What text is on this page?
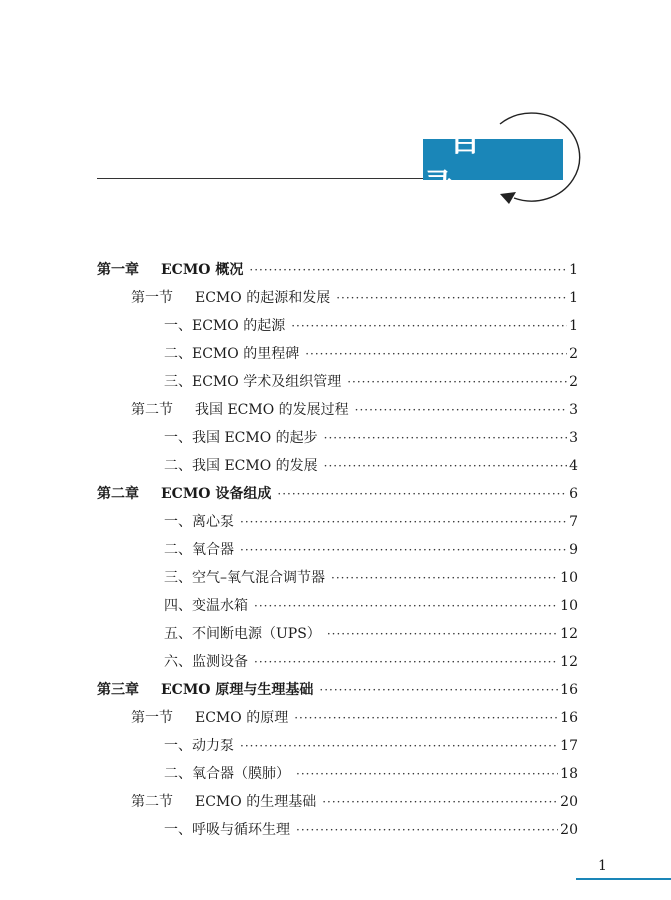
目 录
第一章	ECMO 概况 ·····	1
第一节	ECMO 的起源和发展 ·····	1
一、 ECMO 的起源 ·····	1
二、 ECMO 的里程碑 ·····	2
三、 ECMO 学术及组织管理 ·····	2
第二节	我国 ECMO 的发展过程 ·····	3
一、 我国 ECMO 的起步 ·····	3
二、 我国 ECMO 的发展 ·····	4
第二章	ECMO 设备组成 ·····	6
一、 离心泵 ·····	7
二、 氧合器 ·····	9
三、 空气–氧气混合调节器 ·····	10
四、 变温水箱 ·····	10
五、 不间断电源（UPS） ·····	12
六、 监测设备 ·····	12
第三章	ECMO 原理与生理基础 ·····	16
第一节	ECMO 的原理 ·····	16
一、 动力泵 ·····	17
二、 氧合器（膜肺） ·····	18
第二节	ECMO 的生理基础 ·····	20
一、 呼吸与循环生理 ·····	20
1
